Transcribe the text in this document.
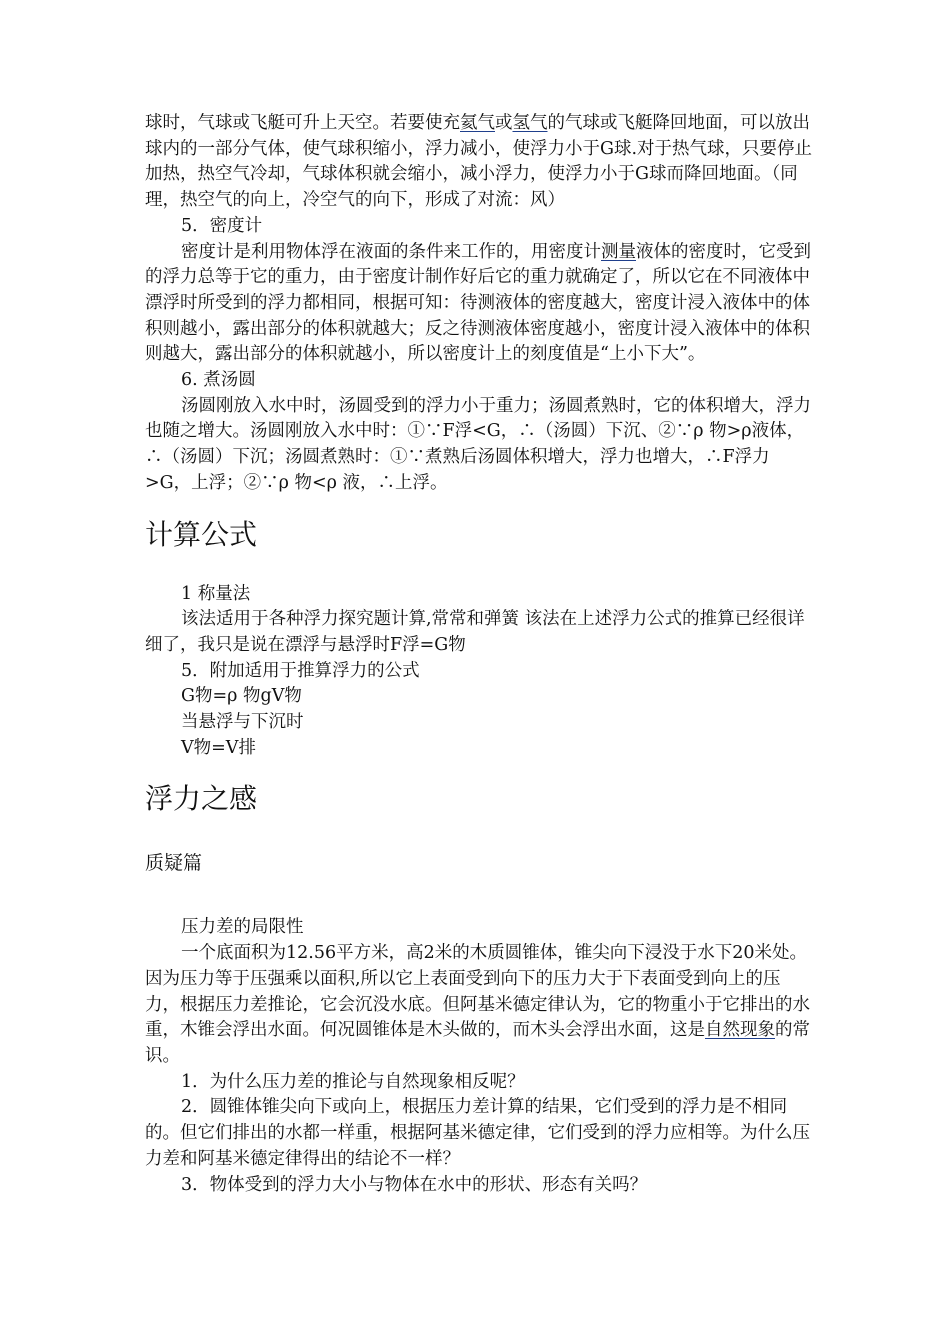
球时，气球或飞艇可升上天空。若要使充氦气或氢气的气球或飞艇降回地面，可以放出球内的一部分气体，使气球积缩小，浮力减小，使浮力小于G球.对于热气球，只要停止加热，热空气冷却，气球体积就会缩小，减小浮力，使浮力小于G球而降回地面。（同理，热空气的向上，冷空气的向下，形成了对流：风）

5．密度计

密度计是利用物体浮在液面的条件来工作的，用密度计测量液体的密度时，它受到的浮力总等于它的重力，由于密度计制作好后它的重力就确定了，所以它在不同液体中漂浮时所受到的浮力都相同，根据可知：待测液体的密度越大，密度计浸入液体中的体积则越小，露出部分的体积就越大；反之待测液体密度越小，密度计浸入液体中的体积则越大，露出部分的体积就越小，所以密度计上的刻度值是“上小下大”。

6. 煮汤圆

汤圆刚放入水中时，汤圆受到的浮力小于重力；汤圆煮熟时，它的体积增大，浮力也随之增大。汤圆刚放入水中时：①∵F浮<G，∴（汤圆）下沉、②∵ρ 物>ρ液体，∴（汤圆）下沉；汤圆煮熟时：①∵煮熟后汤圆体积增大，浮力也增大，∴F浮力>G，上浮；②∵ρ 物<ρ 液，∴上浮。

计算公式

1 称量法

该法适用于各种浮力探究题计算,常常和弹簧 该法在上述浮力公式的推算已经很详细了，我只是说在漂浮与悬浮时F浮=G物

5．附加适用于推算浮力的公式

G物=ρ 物gV物

当悬浮与下沉时

V物=V排

浮力之感

质疑篇

压力差的局限性

一个底面积为12.56平方米，高2米的木质圆锥体，锥尖向下浸没于水下20米处。因为压力等于压强乘以面积,所以它上表面受到向下的压力大于下表面受到向上的压力，根据压力差推论，它会沉没水底。但阿基米德定律认为，它的物重小于它排出的水重，木锥会浮出水面。何况圆锥体是木头做的，而木头会浮出水面，这是自然现象的常识。

1．为什么压力差的推论与自然现象相反呢？

2．圆锥体锥尖向下或向上，根据压力差计算的结果，它们受到的浮力是不相同的。但它们排出的水都一样重，根据阿基米德定律，它们受到的浮力应相等。为什么压力差和阿基米德定律得出的结论不一样？

3．物体受到的浮力大小与物体在水中的形状、形态有关吗？
